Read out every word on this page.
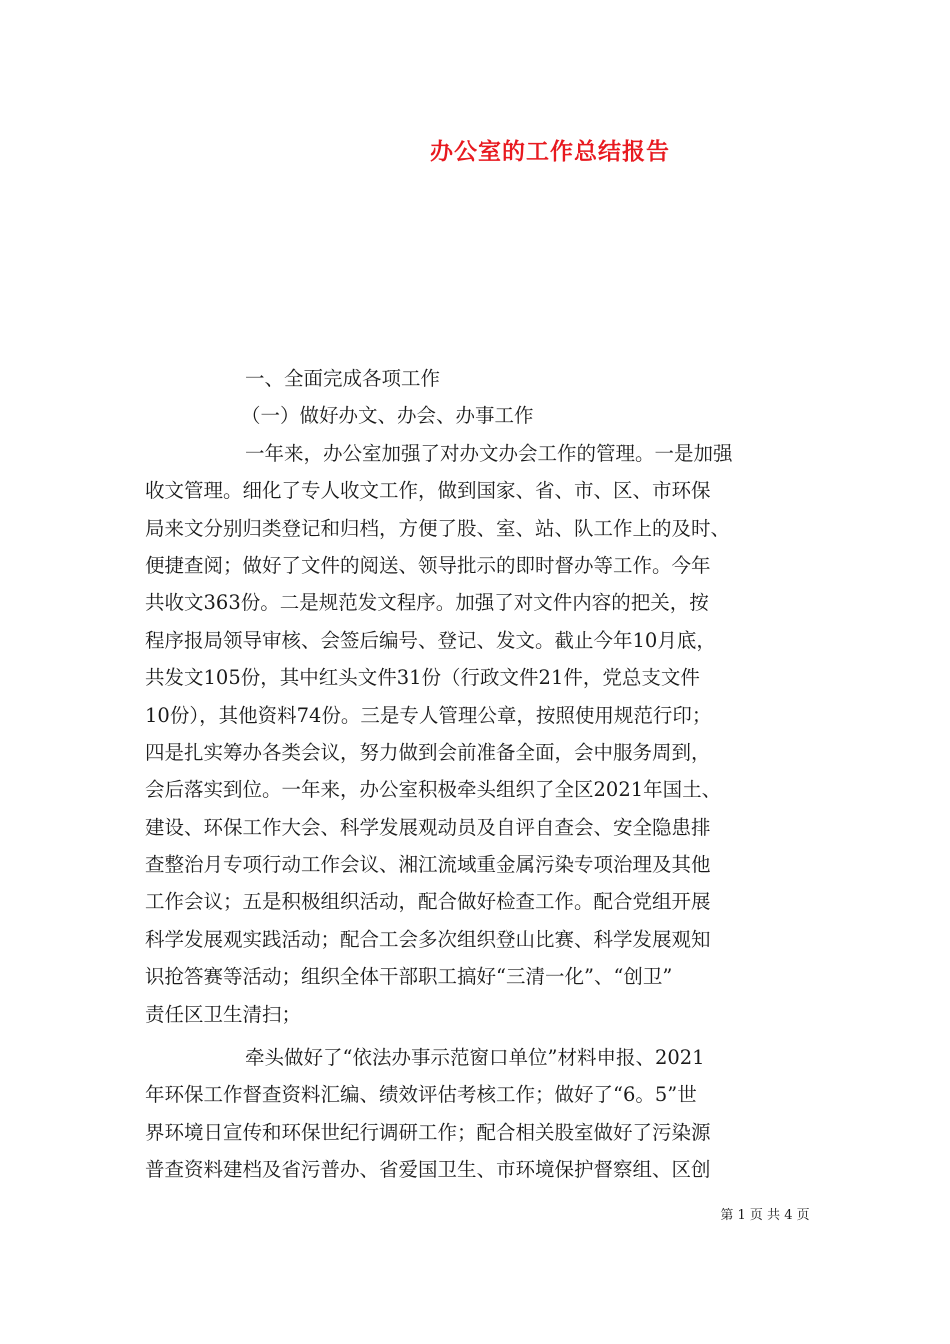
办公室的工作总结报告
一、全面完成各项工作
（一）做好办文、办会、办事工作
一年来，办公室加强了对办文办会工作的管理。一是加强
收文管理。细化了专人收文工作，做到国家、省、市、区、市环保
局来文分别归类登记和归档，方便了股、室、站、队工作上的及时、
便捷查阅；做好了文件的阅送、领导批示的即时督办等工作。今年
共收文363份。二是规范发文程序。加强了对文件内容的把关，按
程序报局领导审核、会签后编号、登记、发文。截止今年10月底，
共发文105份，其中红头文件31份（行政文件21件，党总支文件
10份），其他资料74份。三是专人管理公章，按照使用规范行印；
四是扎实筹办各类会议，努力做到会前准备全面，会中服务周到，
会后落实到位。一年来，办公室积极牵头组织了全区2021年国土、
建设、环保工作大会、科学发展观动员及自评自查会、安全隐患排
查整治月专项行动工作会议、湘江流域重金属污染专项治理及其他
工作会议；五是积极组织活动，配合做好检查工作。配合党组开展
科学发展观实践活动；配合工会多次组织登山比赛、科学发展观知
识抢答赛等活动；组织全体干部职工搞好“三清一化”、“创卫”
责任区卫生清扫；
牵头做好了“依法办事示范窗口单位”材料申报、2021
年环保工作督查资料汇编、绩效评估考核工作；做好了“6。5”世
界环境日宣传和环保世纪行调研工作；配合相关股室做好了污染源
普查资料建档及省污普办、省爱国卫生、市环境保护督察组、区创
第 1 页 共 4 页
